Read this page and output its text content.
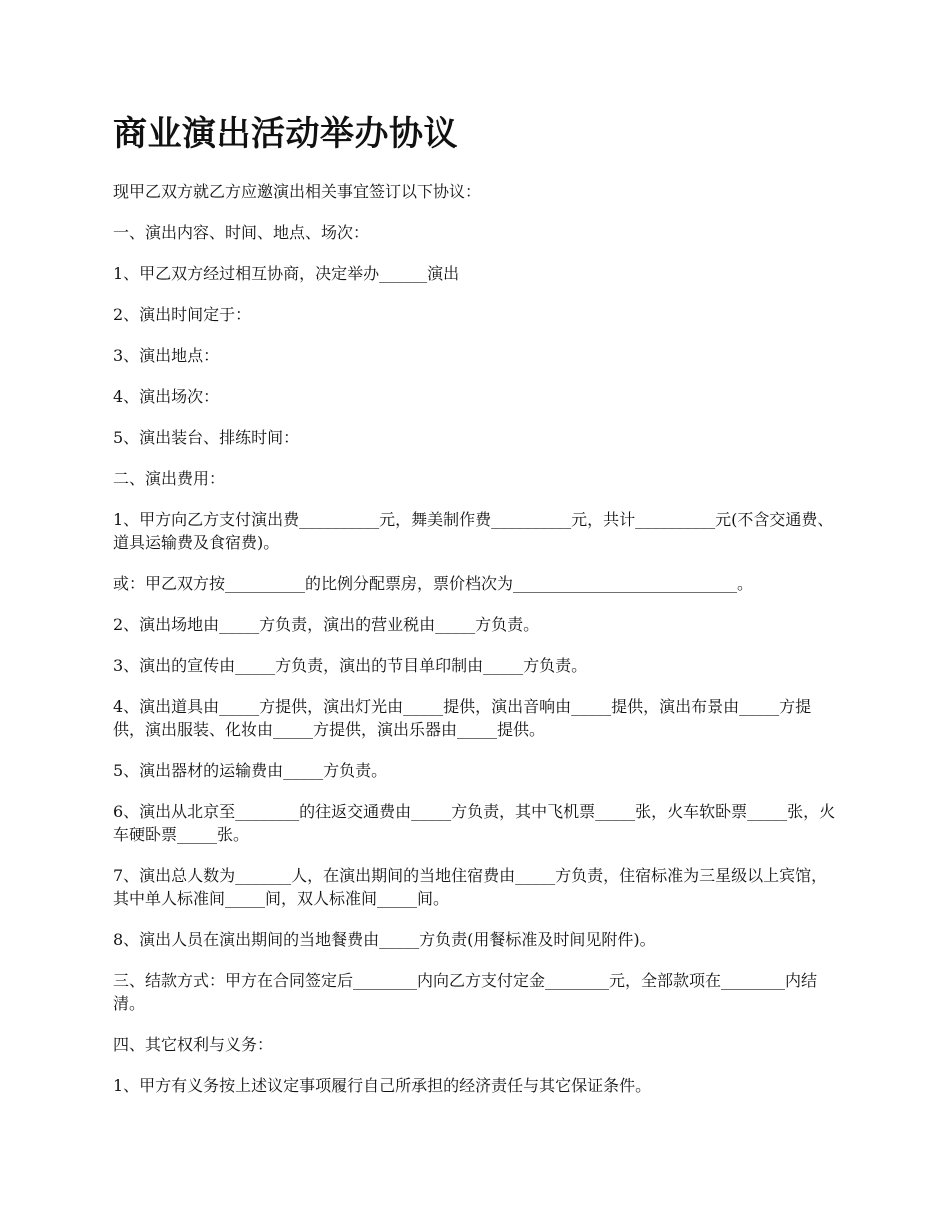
商业演出活动举办协议

现甲乙双方就乙方应邀演出相关事宜签订以下协议：

一、演出内容、时间、地点、场次：

1、甲乙双方经过相互协商，决定举办______演出

2、演出时间定于：

3、演出地点：

4、演出场次：

5、演出装台、排练时间：

二、演出费用：

1、甲方向乙方支付演出费__________元，舞美制作费__________元，共计__________元(不含交通费、道具运输费及食宿费)。

或：甲乙双方按__________的比例分配票房，票价档次为____________________________。

2、演出场地由_____方负责，演出的营业税由_____方负责。

3、演出的宣传由_____方负责，演出的节目单印制由_____方负责。

4、演出道具由_____方提供，演出灯光由_____提供，演出音响由_____提供，演出布景由_____方提供，演出服装、化妆由_____方提供，演出乐器由_____提供。

5、演出器材的运输费由_____方负责。

6、演出从北京至________的往返交通费由_____方负责，其中飞机票_____张，火车软卧票_____张，火车硬卧票_____张。

7、演出总人数为_______人，在演出期间的当地住宿费由_____方负责，住宿标准为三星级以上宾馆，其中单人标准间_____间，双人标准间_____间。

8、演出人员在演出期间的当地餐费由_____方负责(用餐标准及时间见附件)。

三、结款方式：甲方在合同签定后________内向乙方支付定金________元，全部款项在________内结清。

四、其它权利与义务：

1、甲方有义务按上述议定事项履行自己所承担的经济责任与其它保证条件。
